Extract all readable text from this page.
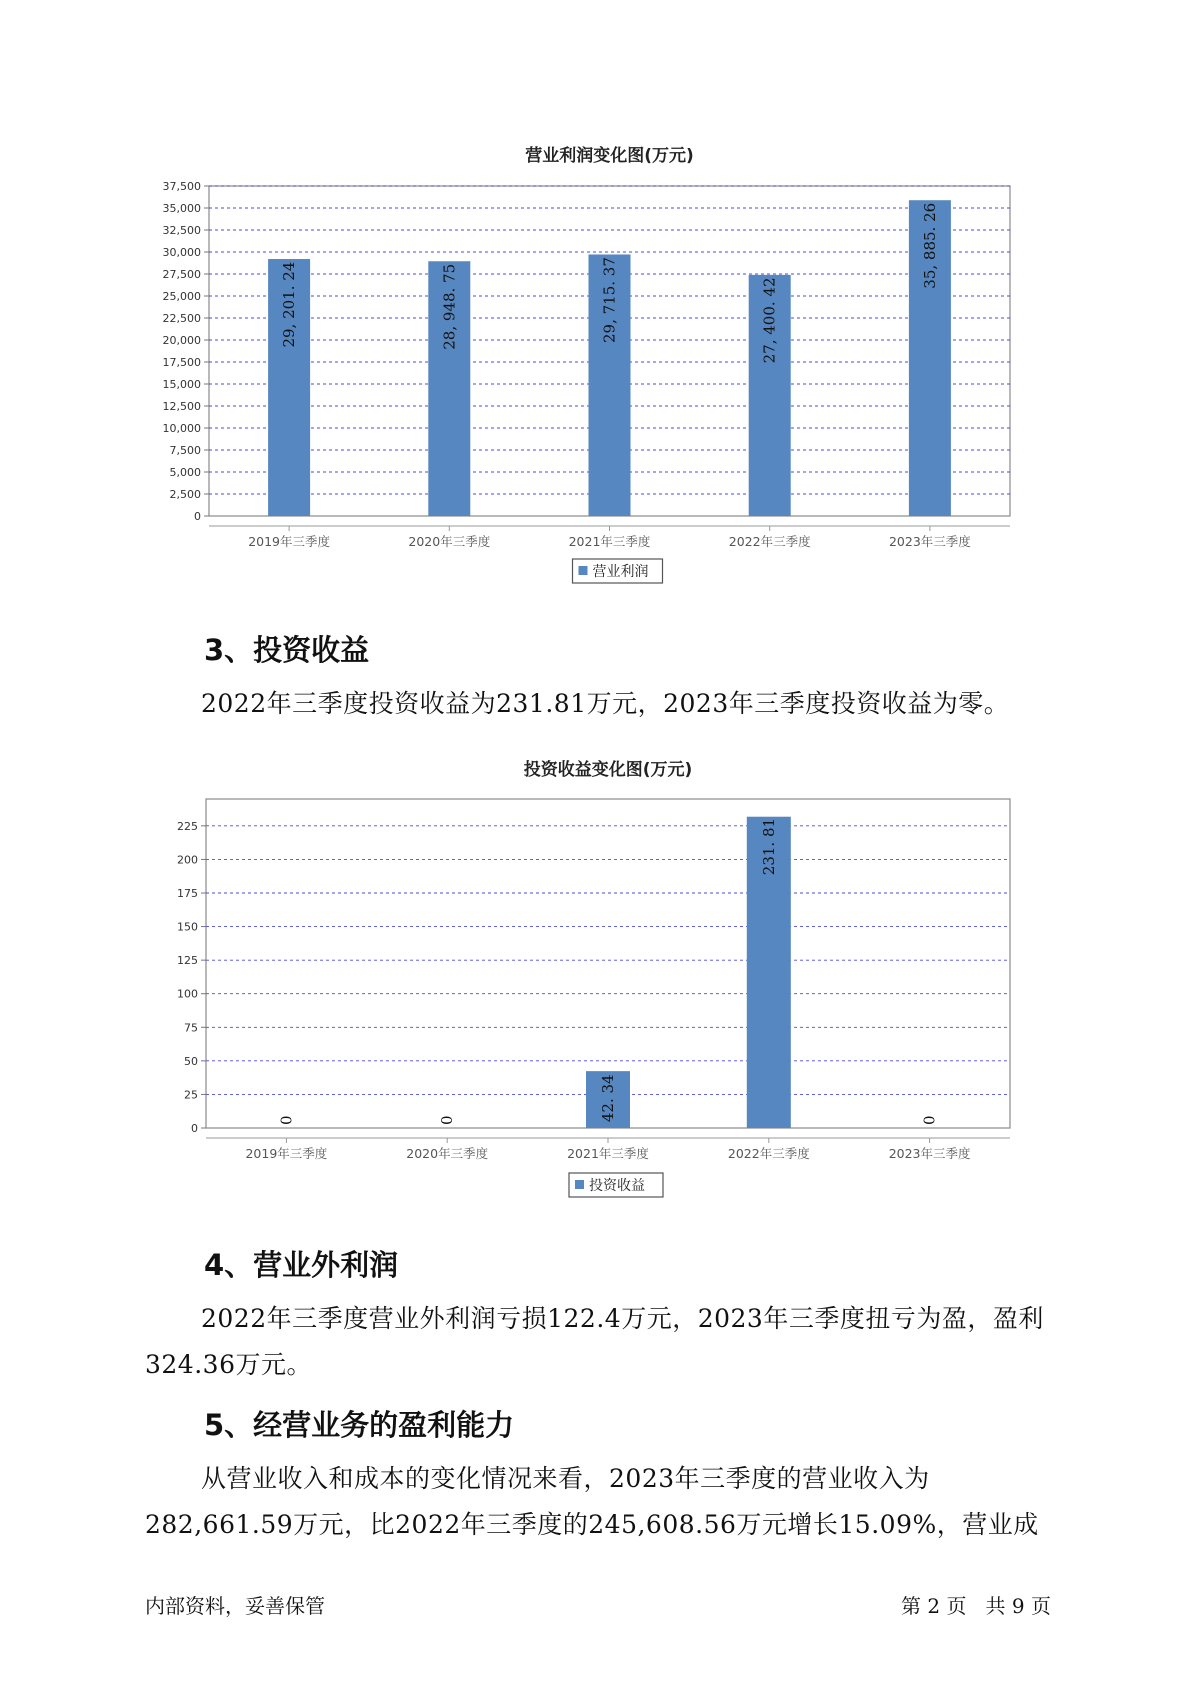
营业利润变化图(万元)
0
2,500
5,000
7,500
10,000
12,500
15,000
17,500
20,000
22,500
25,000
27,500
30,000
32,500
35,000
37,500
2019年三季度
29, 201. 24
2020年三季度
28, 948. 75
2021年三季度
29, 715. 37
2022年三季度
27, 400. 42
2023年三季度
35, 885. 26
营业利润
投资收益变化图(万元)
0
25
50
75
100
125
150
175
200
225
2019年三季度
0
2020年三季度
0
2021年三季度
42. 34
2022年三季度
231. 81
2023年三季度
0
投资收益
3、投资收益

2022年三季度投资收益为231.81万元，2023年三季度投资收益为零。

4、营业外利润

2022年三季度营业外利润亏损122.4万元，2023年三季度扭亏为盈，盈利324.36万元。

5、经营业务的盈利能力

从营业收入和成本的变化情况来看，2023年三季度的营业收入为282,661.59万元，比2022年三季度的245,608.56万元增长15.09%，营业成

内部资料，妥善保管	第 2 页   共 9 页
